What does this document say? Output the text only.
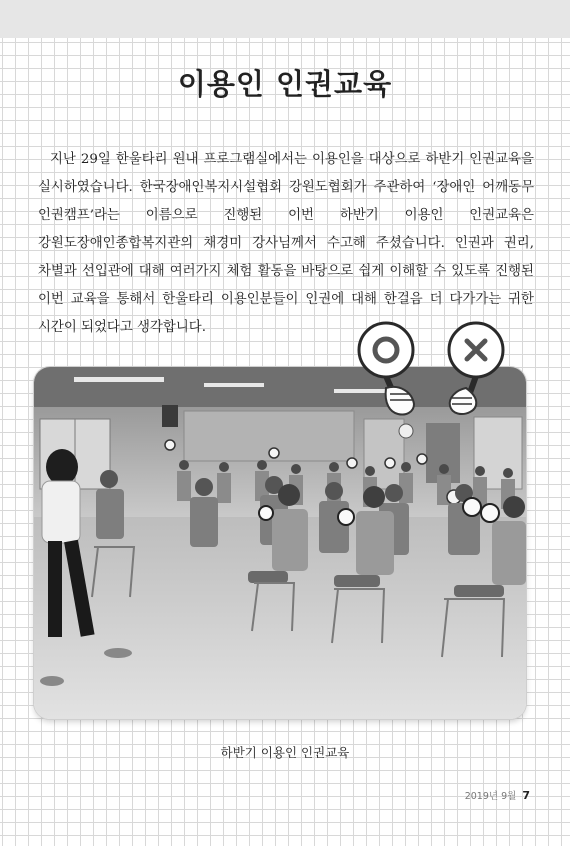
이용인 인권교육

지난 29일 한울타리 원내 프로그램실에서는 이용인을 대상으로 하반기 인권교육을 실시하였습니다. 한국장애인복지시설협회 강원도협회가 주관하여 ‘장애인 어깨동무 인권캠프’라는 이름으로 진행된 이번 하반기 이용인 인권교육은 강원도장애인종합복지관의 채경미 강사님께서 수고해 주셨습니다. 인권과 권리, 차별과 선입관에 대해 여러가지 체험 활동을 바탕으로 쉽게 이해할 수 있도록 진행된 이번 교육을 통해서 한울타리 이용인분들이 인권에 대해 한걸음 더 다가가는 귀한 시간이 되었다고 생각합니다.

하반기 이용인 인권교육

2019년 9월 7
